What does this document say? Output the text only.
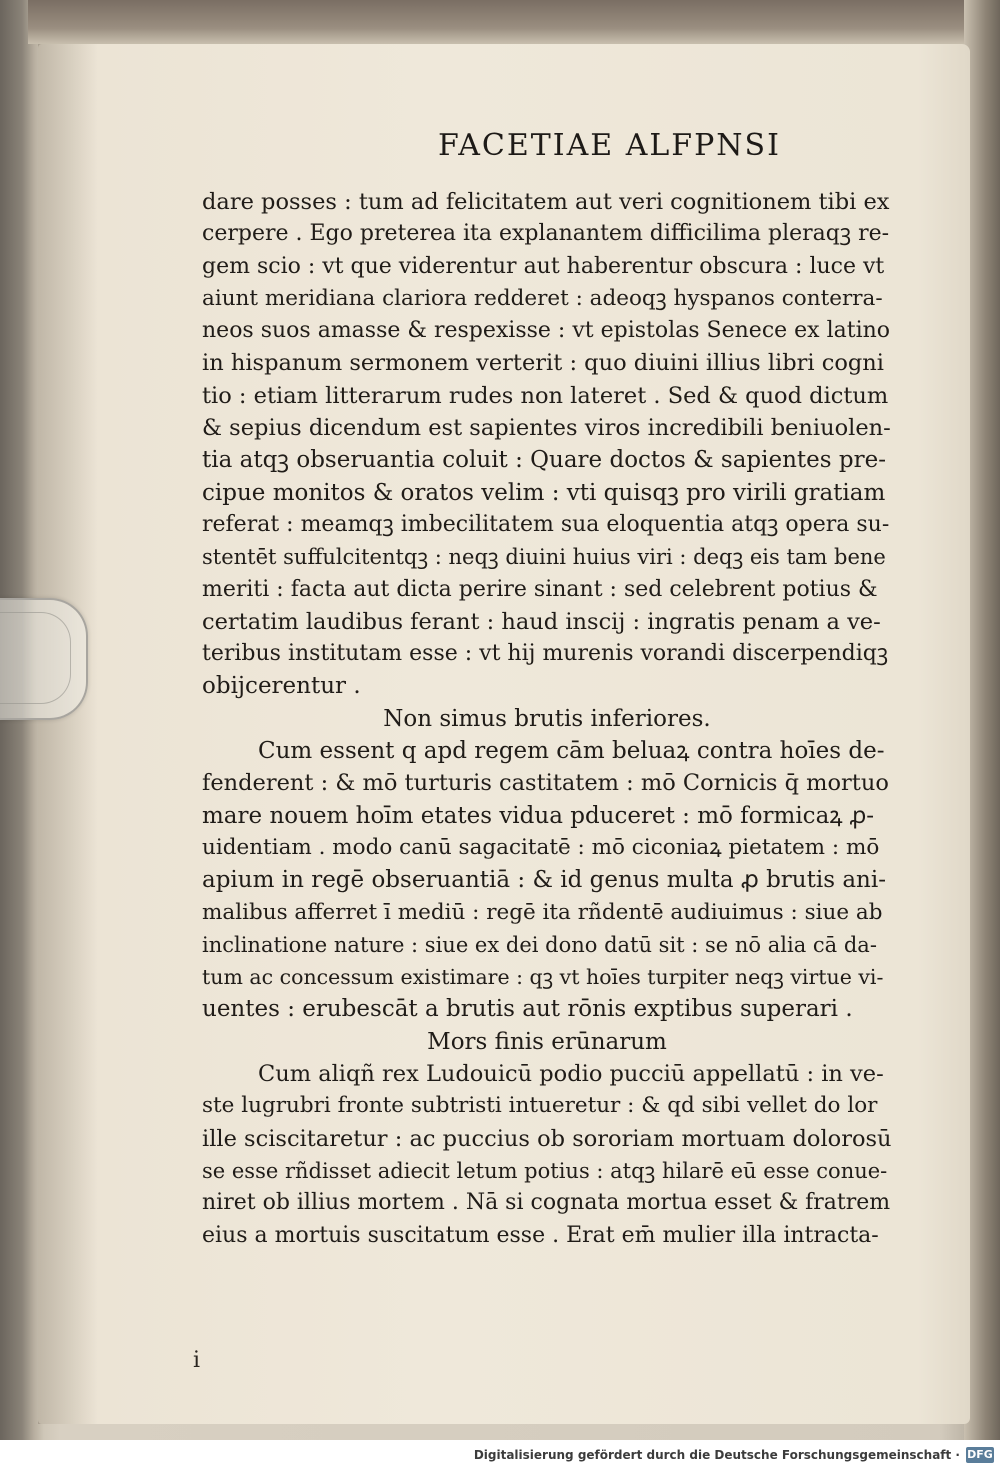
FACETIAE ALFPNSI
dare posses : tum ad felicitatem aut veri cognitionem tibi ex
cerpere . Ego preterea ita explanantem difficilima pleraqꝫ re-
gem scio : vt que viderentur aut haberentur obscura : luce vt
aiunt meridiana clariora redderet : adeoqꝫ hyspanos conterra-
neos suos amasse & respexisse : vt epistolas Senece ex latino
in hispanum sermonem verterit : quo diuini illius libri cogni
tio : etiam litterarum rudes non lateret . Sed & quod dictum
& sepius dicendum est sapientes viros incredibili beniuolen-
tia atqꝫ obseruantia coluit : Quare doctos & sapientes pre-
cipue monitos & oratos velim : vti quisqꝫ pro virili gratiam
referat : meamqꝫ imbecilitatem sua eloquentia atqꝫ opera su-
stentēt suffulcitentqꝫ : neqꝫ diuini huius viri : deqꝫ eis tam bene
meriti : facta aut dicta perire sinant : sed celebrent potius &
certatim laudibus ferant : haud inscij : ingratis penam a ve-
teribus institutam esse : vt hij murenis vorandi discerpendiqꝫ
obijcerentur .
Non simus brutis inferiores.
Cum essent q apd regem cām beluaꝝ contra hoīes de-
fenderent : & mō turturis castitatem : mō Cornicis q̄ mortuo
mare nouem hoīm etates vidua pduceret : mō formicaꝝ ꝓ-
uidentiam . modo canū sagacitatē : mō ciconiaꝝ pietatem : mō
apium in regē obseruantiā : & id genus multa ꝓ brutis ani-
malibus afferret ī mediū : regē ita rñdentē audiuimus : siue ab
inclinatione nature : siue ex dei dono datū sit : se nō alia cā da-
tum ac concessum existimare : qꝫ vt hoīes turpiter neqꝫ virtue vi-
uentes : erubescāt a brutis aut rōnis exptibus superari .
Mors finis erūnarum
Cum aliqñ rex Ludouicū podio pucciū appellatū : in ve-
ste lugrubri fronte subtristi intueretur : & qd sibi vellet do lor
ille sciscitaretur : ac puccius ob sororiam mortuam dolorosū
se esse rñdisset adiecit letum potius : atqꝫ hilarē eū esse conue-
niret ob illius mortem . Nā si cognata mortua esset & fratrem
eius a mortuis suscitatum esse . Erat em̄ mulier illa intracta-
i
Digitalisierung gefördert durch die Deutsche Forschungsgemeinschaft · DFG
